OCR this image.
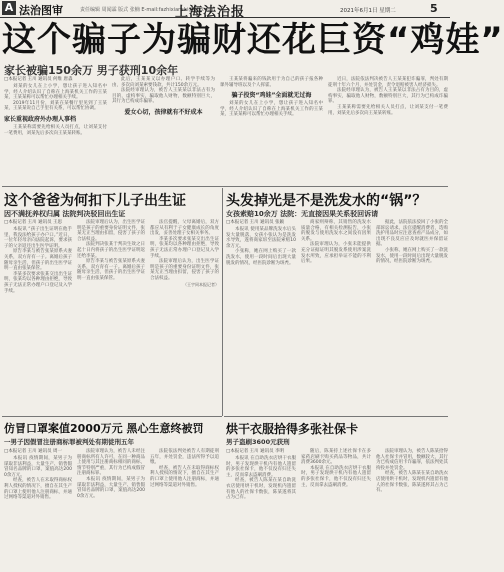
A 法治图审	责任编辑 周闻霖 版式 张楠 E-mail:fazhixianshi@163.com
上海法治报	2021年6月1日 星期二	5
这个骗子为骗财还花巨资“鸡娃”
家长被骗150余万 男子获刑10余年
□本报记者 王川 通讯员 何维 唐淼

刘某的女儿在上小学，想让孩子进入知名中学，经人介绍认识了自称在上海某机关工作的王某某，王某某称可以帮忙办理相关手续。

2019年11月份，刘某在某餐厅里见到了王某某，王某某说自己手里有关系，可以帮忙协调。

家长重视政府外办理人事档

王某某称需要先给相关人员打点，让刘某支付一笔费用，刘某先后多次向王某某转账。

此后，王某某又以办理户口、转学手续等为由，多次向刘某索要钱款，共计150余万元。

法院经审理认为，被告人王某某以非法占有为目的，虚构事实，骗取他人财物，数额特别巨大，其行为已构成诈骗罪。

爱女心切，孩律就有不好成本

王某某将骗来的钱款用于为自己的孩子报各种课外辅导班以及个人挥霍。

骗子投资“鸡娃”全面就无过海

刘某的女儿在上小学，想让孩子进入知名中学，经人介绍认识了自称在上海某机关工作的王某某，王某某称可以帮忙办理相关手续。

近日，法院依法判决被告人王某某犯诈骗罪，判处有期徒刑十年六个月，并处罚金，责令退赔被害人经济损失。

法院经审理认为，被告人王某某以非法占有为目的，虚构事实，骗取他人财物，数额特别巨大，其行为已构成诈骗罪。

王某某称需要先给相关人员打点，让刘某支付一笔费用，刘某先后多次向王某某转账。

这个爸爸为何扣下儿子出生证
因不满抚养权归属 法院判决驳回出生证
□本报记者 王川 通讯员 王思

本报讯 “孩子出生证明在他手里，我没法给孩子办户口。”近日，一位年轻母亲向法院起诉，要求孩子的父亲返还出生医学证明。

原告李某与被告张某原系夫妻关系，双方育有一子。离婚后孩子随母亲生活，但孩子的出生医学证明一直由张某保管。

李某多次要求张某交出出生证明，张某均以各种理由拒绝，导致孩子无法正常办理户口登记及入学手续。

法院审理后认为，出生医学证明是孩子的重要身份证明文件，张某无正当理由扣留，侵害了孩子的合法权益。

法院判决张某于判决生效之日起十日内将孩子的出生医学证明返还给李某。

原告李某与被告张某原系夫妻关系，双方育有一子。离婚后孩子随母亲生活，但孩子的出生医学证明一直由张某保管。

法官提醒，父母离婚后，双方都应从有利于子女健康成长的角度出发，妥善处理子女相关事务。

李某多次要求张某交出出生证明，张某均以各种理由拒绝，导致孩子无法正常办理户口登记及入学手续。

法院审理后认为，出生医学证明是孩子的重要身份证明文件，张某无正当理由扣留，侵害了孩子的合法权益。

（王宇同本报记者）
头发掉光是不是洗发水的“锅”？
女孩索赔10余万 法院：无直接因果关系驳回诉请
□本报记者 王川 通讯员 张颖

本报讯 使用某品牌洗发水后头发大量脱落，女孩小张认为是洗发水导致，遂将商家诉至法院索赔10余万元。

小张称，她在网上购买了一款洗发水，使用一段时间后出现大量脱发的情况，经医院诊断为斑秃。

商家则辩称，其销售的洗发水质量合格，有相关检测报告，小张的脱发与使用洗发水之间没有因果关系。

法院审理认为，小张未能提供充分证据证明其脱发系使用涉案洗发水所致，应承担举证不能的不利后果。

据此，法院依法驳回了小张的全部诉讼请求。法官提醒消费者，选购洗护用品时应注意查看产品成分，如出现不良反应应及时就医并保留证据。

小张称，她在网上购买了一款洗发水，使用一段时间后出现大量脱发的情况，经医院诊断为斑秃。

仿冒口罩案值2000万元 黑心生意终被罚
一男子因假冒注册商标罪被判处有期徒刑五年
□本报记者 王川 通讯员 周一

本报讯 疫情期间，某男子为谋取非法利益，大量生产、销售假冒知名品牌的口罩，案值高达2000余万元。

经查，被告人在未取得商标权利人授权的情况下，擅自在其生产的口罩上使用他人注册商标，并通过网络等渠道对外销售。

法院审理认为，被告人未经注册商标所有人许可，在同一种商品上使用与其注册商标相同的商标，情节特别严重，其行为已构成假冒注册商标罪。

本报讯 疫情期间，某男子为谋取非法利益，大量生产、销售假冒知名品牌的口罩，案值高达2000余万元。

法院依法判处被告人有期徒刑五年，并处罚金，违法所得予以追缴。

经查，被告人在未取得商标权利人授权的情况下，擅自在其生产的口罩上使用他人注册商标，并通过网络等渠道对外销售。

烘干衣服拾得多张社保卡
男子盗刷3600元获刑
□本报记者 王川 通讯员 李明

本报讯 在自助洗衣店烘干衣服时，男子发现烘干机内有他人遗留的多张社保卡，他不仅没有归还失主，反而拿去盗刷消费。

经查，被告人陈某在某自助洗衣店使用烘干机时，发现机内遗留有他人的社保卡数张，陈某遂将其占为己有。

随后，陈某持上述社保卡在多家药店刷卡购买药品等物品，共计消费3600余元。

本报讯 在自助洗衣店烘干衣服时，男子发现烘干机内有他人遗留的多张社保卡，他不仅没有归还失主，反而拿去盗刷消费。

法院审理认为，被告人陈某拾得他人社保卡并冒用，数额较大，其行为已构成信用卡诈骗罪，依法判处其拘役并处罚金。

经查，被告人陈某在某自助洗衣店使用烘干机时，发现机内遗留有他人的社保卡数张，陈某遂将其占为己有。
